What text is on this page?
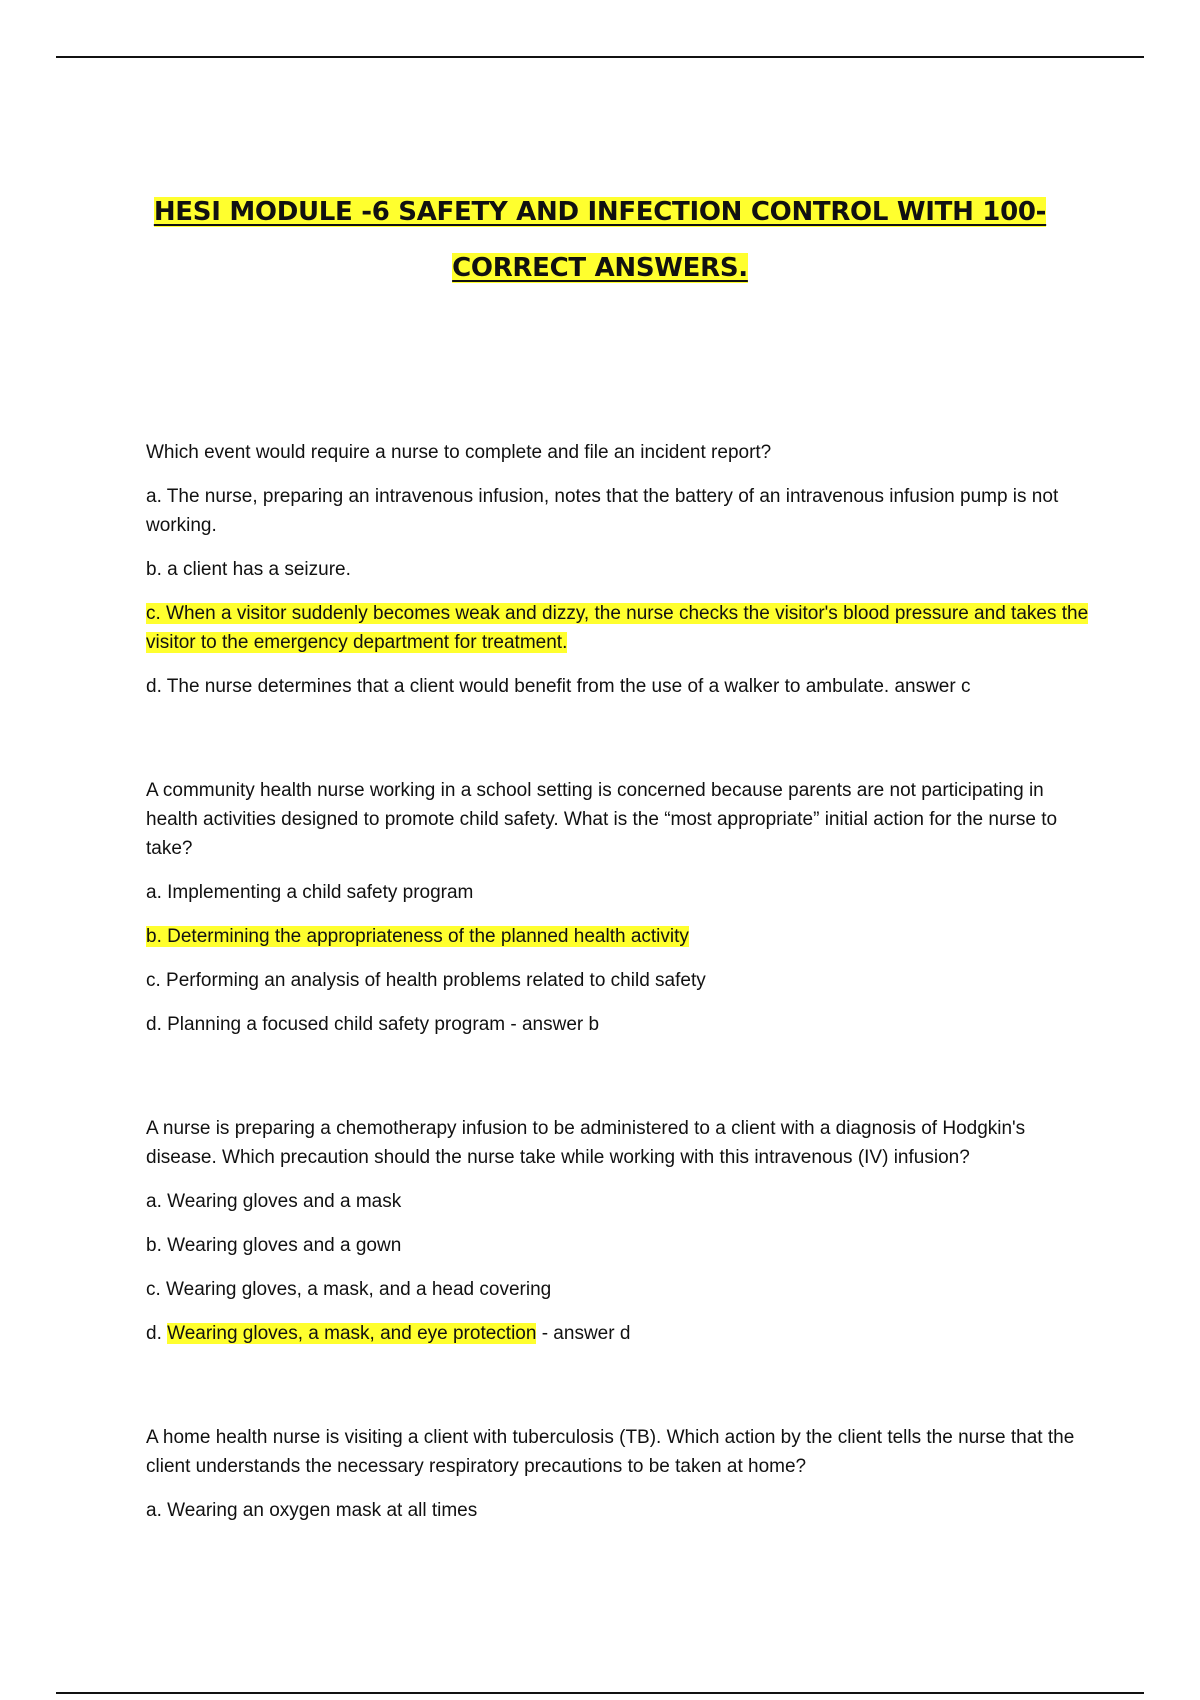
HESI MODULE -6 SAFETY AND INFECTION CONTROL WITH 100-
CORRECT ANSWERS.

Which event would require a nurse to complete and file an incident report?

a. The nurse, preparing an intravenous infusion, notes that the battery of an intravenous infusion pump is not working.

b. a client has a seizure.

c. When a visitor suddenly becomes weak and dizzy, the nurse checks the visitor's blood pressure and takes the visitor to the emergency department for treatment.

d. The nurse determines that a client would benefit from the use of a walker to ambulate. answer c

A community health nurse working in a school setting is concerned because parents are not participating in health activities designed to promote child safety. What is the “most appropriate” initial action for the nurse to take?

a. Implementing a child safety program

b. Determining the appropriateness of the planned health activity

c. Performing an analysis of health problems related to child safety

d. Planning a focused child safety program - answer b

A nurse is preparing a chemotherapy infusion to be administered to a client with a diagnosis of Hodgkin's disease. Which precaution should the nurse take while working with this intravenous (IV) infusion?

a. Wearing gloves and a mask

b. Wearing gloves and a gown

c. Wearing gloves, a mask, and a head covering

d. Wearing gloves, a mask, and eye protection - answer d

A home health nurse is visiting a client with tuberculosis (TB). Which action by the client tells the nurse that the client understands the necessary respiratory precautions to be taken at home?

a. Wearing an oxygen mask at all times
